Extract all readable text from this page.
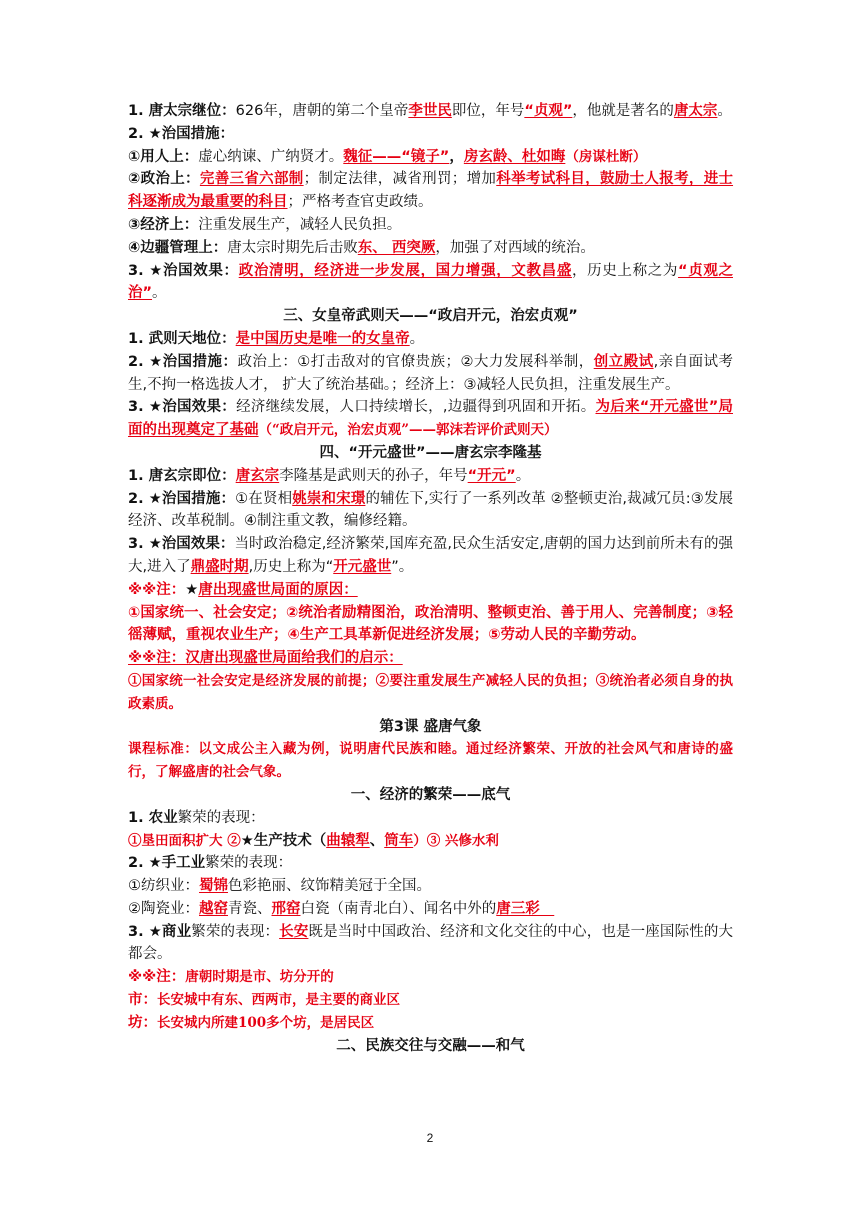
1. 唐太宗继位：626年，唐朝的第二个皇帝李世民即位，年号“贞观”，他就是著名的唐太宗。
2. ★治国措施：
①用人上：虚心纳谏、广纳贤才。魏征——“镜子”，房玄龄、杜如晦（房谋杜断）
②政治上：完善三省六部制；制定法律，减省刑罚；增加科举考试科目，鼓励士人报考，进士科逐渐成为最重要的科目；严格考查官吏政绩。
③经济上：注重发展生产，减轻人民负担。
④边疆管理上：唐太宗时期先后击败东、 西突厥，加强了对西域的统治。
3. ★治国效果：政治清明，经济进一步发展，国力增强，文教昌盛，历史上称之为“贞观之治”。
三、女皇帝武则天——“政启开元，治宏贞观”
1. 武则天地位：是中国历史是唯一的女皇帝。
2. ★治国措施：政治上：①打击敌对的官僚贵族；②大力发展科举制，创立殿试,亲自面试考生,不拘一格选拔人才， 扩大了统治基础。；经济上：③减轻人民负担，注重发展生产。
3. ★治国效果：经济继续发展，人口持续增长，,边疆得到巩固和开拓。为后来“开元盛世”局面的出现奠定了基础（“政启开元，治宏贞观”——郭沫若评价武则天）
四、“开元盛世”——唐玄宗李隆基
1. 唐玄宗即位：唐玄宗李隆基是武则天的孙子，年号“开元”。
2. ★治国措施：①在贤相姚崇和宋璟的辅佐下,实行了一系列改革 ②整顿吏治,裁减冗员:③发展经济、改革税制。④制注重文教，编修经籍。
3. ★治国效果：当时政治稳定,经济繁荣,国库充盈,民众生活安定,唐朝的国力达到前所未有的强大,进入了鼎盛时期,历史上称为“开元盛世”。
※※注：★唐出现盛世局面的原因：
①国家统一、社会安定；②统治者励精图治，政治清明、整顿吏治、善于用人、完善制度；③轻徭薄赋，重视农业生产；④生产工具革新促进经济发展；⑤劳动人民的辛勤劳动。
※※注：汉唐出现盛世局面给我们的启示：
①国家统一社会安定是经济发展的前提；②要注重发展生产减轻人民的负担；③统治者必须自身的执政素质。
第3课 盛唐气象
课程标准：以文成公主入藏为例，说明唐代民族和睦。通过经济繁荣、开放的社会风气和唐诗的盛行，了解盛唐的社会气象。
一、经济的繁荣——底气
1. 农业繁荣的表现：
①垦田面积扩大 ②★生产技术（曲辕犁、筒车）③ 兴修水利
2. ★手工业繁荣的表现：
①纺织业：蜀锦色彩艳丽、纹饰精美冠于全国。
②陶瓷业：越窑青瓷、邢窑白瓷（南青北白）、闻名中外的唐三彩　
3. ★商业繁荣的表现：长安既是当时中国政治、经济和文化交往的中心，也是一座国际性的大都会。
※※注：唐朝时期是市、坊分开的
市：长安城中有东、西两市，是主要的商业区
坊：长安城内所建100多个坊，是居民区
二、民族交往与交融——和气
2
